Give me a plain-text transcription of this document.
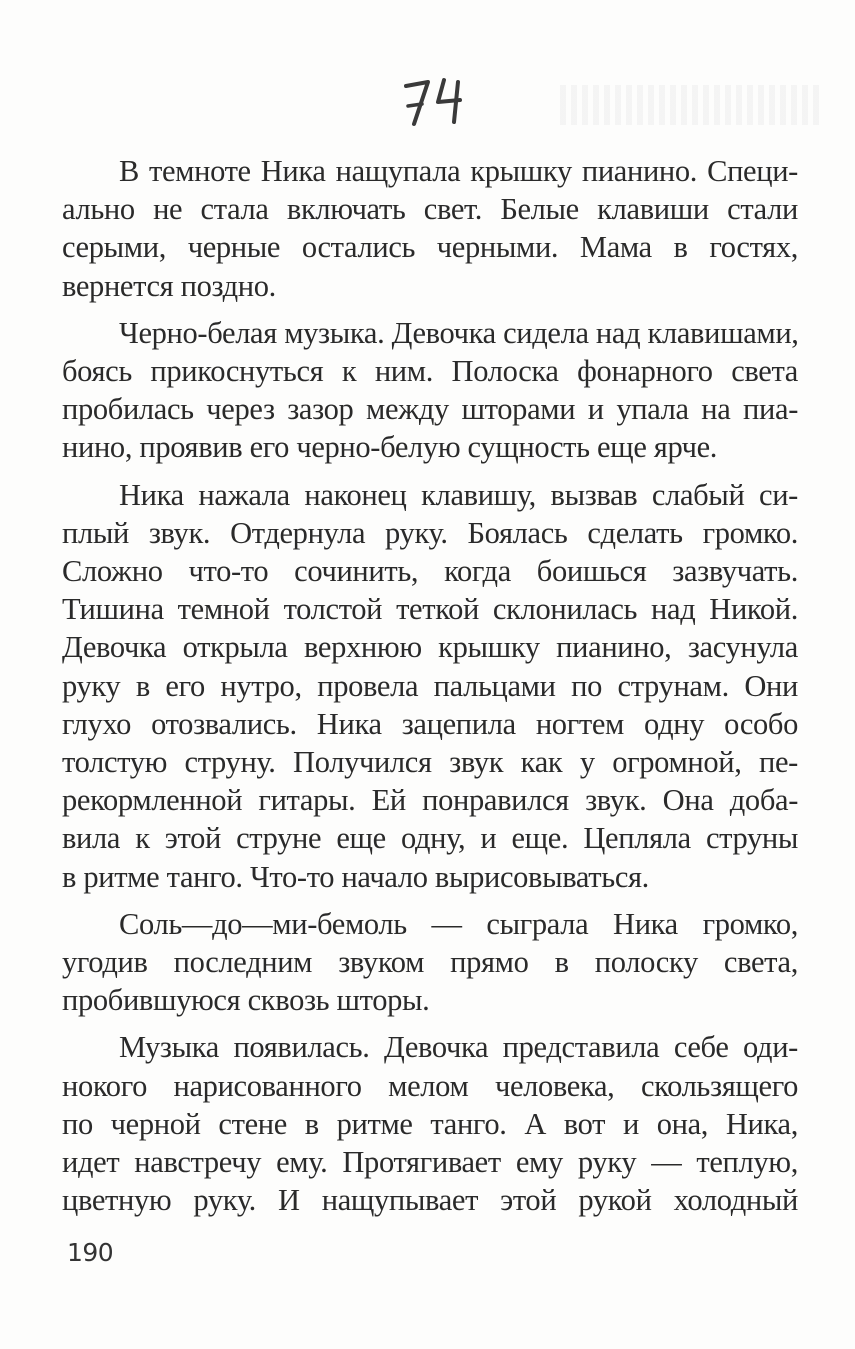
В темноте Ника нащупала крышку пианино. Специ-
ально не стала включать свет. Белые клавиши стали
серыми, черные остались черными. Мама в гостях,
вернется поздно.
Черно-белая музыка. Девочка сидела над клавишами,
боясь прикоснуться к ним. Полоска фонарного света
пробилась через зазор между шторами и упала на пиа-
нино, проявив его черно-белую сущность еще ярче.
Ника нажала наконец клавишу, вызвав слабый си-
плый звук. Отдернула руку. Боялась сделать громко.
Сложно что-то сочинить, когда боишься зазвучать.
Тишина темной толстой теткой склонилась над Никой.
Девочка открыла верхнюю крышку пианино, засунула
руку в его нутро, провела пальцами по струнам. Они
глухо отозвались. Ника зацепила ногтем одну особо
толстую струну. Получился звук как у огромной, пе-
рекормленной гитары. Ей понравился звук. Она доба-
вила к этой струне еще одну, и еще. Цепляла струны
в ритме танго. Что-то начало вырисовываться.
Соль—до—ми-бемоль — сыграла Ника громко,
угодив последним звуком прямо в полоску света,
пробившуюся сквозь шторы.
Музыка появилась. Девочка представила себе оди-
нокого нарисованного мелом человека, скользящего
по черной стене в ритме танго. А вот и она, Ника,
идет навстречу ему. Протягивает ему руку — теплую,
цветную руку. И нащупывает этой рукой холодный
190
